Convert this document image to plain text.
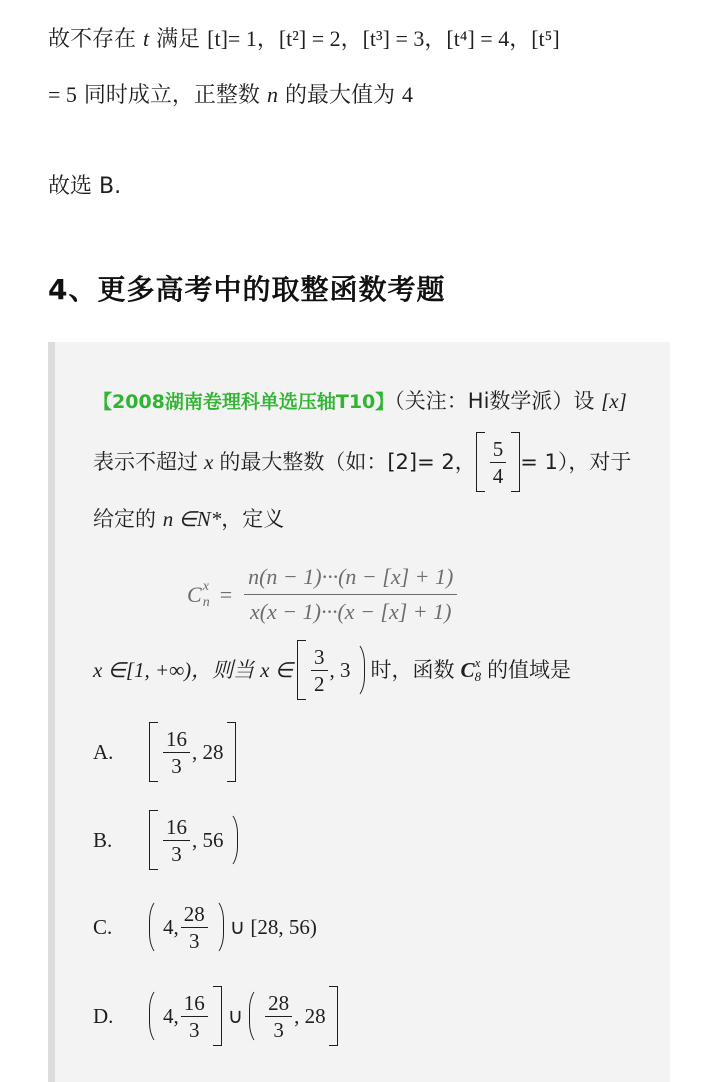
故不存在 t 满足 [t]= 1，[t²] = 2，[t³] = 3，[t⁴] = 4，[t⁵]
= 5 同时成立，正整数 n 的最大值为 4
故选 B.
4、更多高考中的取整函数考题
【2008湖南卷理科单选压轴T10】（关注：Hi数学派）设 [x]
表示不超过 x 的最大整数（如：[2]= 2， $\frac{5}{4} = 1$），对于
给定的 n ∈N*，定义
C x
$n = \frac{n(n - 1)\cdot\cdot\cdot(n - [x] + 1)}{x(x - 1)\cdot\cdot\cdot(x - [x] + 1)}$
x ∈[1, +∞)，则当 x ∈ $\frac{3}{2}$ , 3 时，函数 C x
8 的值域是
A.	$\frac{16}{3}$ , 28
B.	$\frac{16}{3}$ , 56
C.	4, $\frac{28}{3}$ ∪ [28, 56)
D.	4, $\frac{16}{3}$ ∪ $\frac{28}{3}$ , 28
